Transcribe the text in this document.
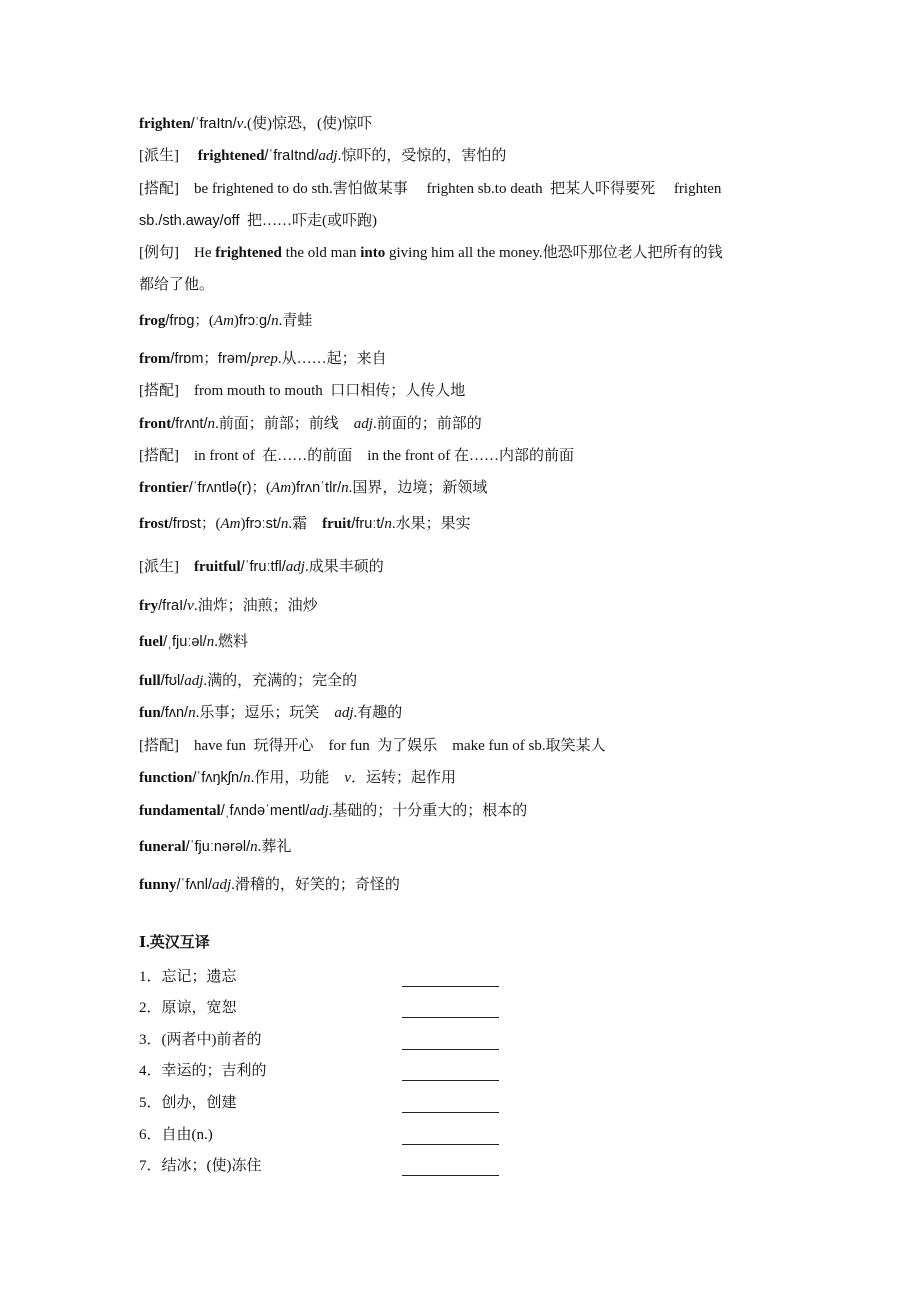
frighten/ˈfraItn/v.(使)惊恐，(使)惊吓
[派生]　 frightened/ˈfraItnd/adj.惊吓的，受惊的，害怕的
[搭配]　be frightened to do sth.害怕做某事　 frighten sb.to death  把某人吓得要死　 frighten
sb./sth.away/off  把……吓走(或吓跑)
[例句]　He frightened the old man into giving him all the money.他恐吓那位老人把所有的钱
都给了他。
frog/frɒg；(Am)frɔːg/n.青蛙
from/frɒm；frəm/prep.从……起；来自
[搭配]　from mouth to mouth  口口相传；人传人地
front/frʌnt/n.前面；前部；前线　adj.前面的；前部的
[搭配]　in front of  在……的前面　in the front of 在……内部的前面
frontier/ˈfrʌntlə(r)；(Am)frʌnˈtlr/n.国界，边境；新领域
frost/frɒst；(Am)frɔːst/n.霜　fruit/fruːt/n.水果；果实
[派生]　fruitful/ˈfruːtfl/adj.成果丰硕的
fry/fraI/v.油炸；油煎；油炒
fuel/ˌfjuːəl/n.燃料
full/fʊl/adj.满的，充满的；完全的
fun/fʌn/n.乐事；逗乐；玩笑　adj.有趣的
[搭配]　have fun  玩得开心　for fun  为了娱乐　make fun of sb.取笑某人
function/ˈfʌŋkʃn/n.作用，功能　v．运转；起作用
fundamental/ˌfʌndəˈmentl/adj.基础的；十分重大的；根本的
funeral/ˈfjuːnərəl/n.葬礼
funny/ˈfʌnl/adj.滑稽的，好笑的；奇怪的
Ⅰ.英汉互译
1．忘记；遗忘
2．原谅，宽恕
3．(两者中)前者的
4．幸运的；吉利的
5．创办，创建
6．自由(n.)
7．结冰；(使)冻住
